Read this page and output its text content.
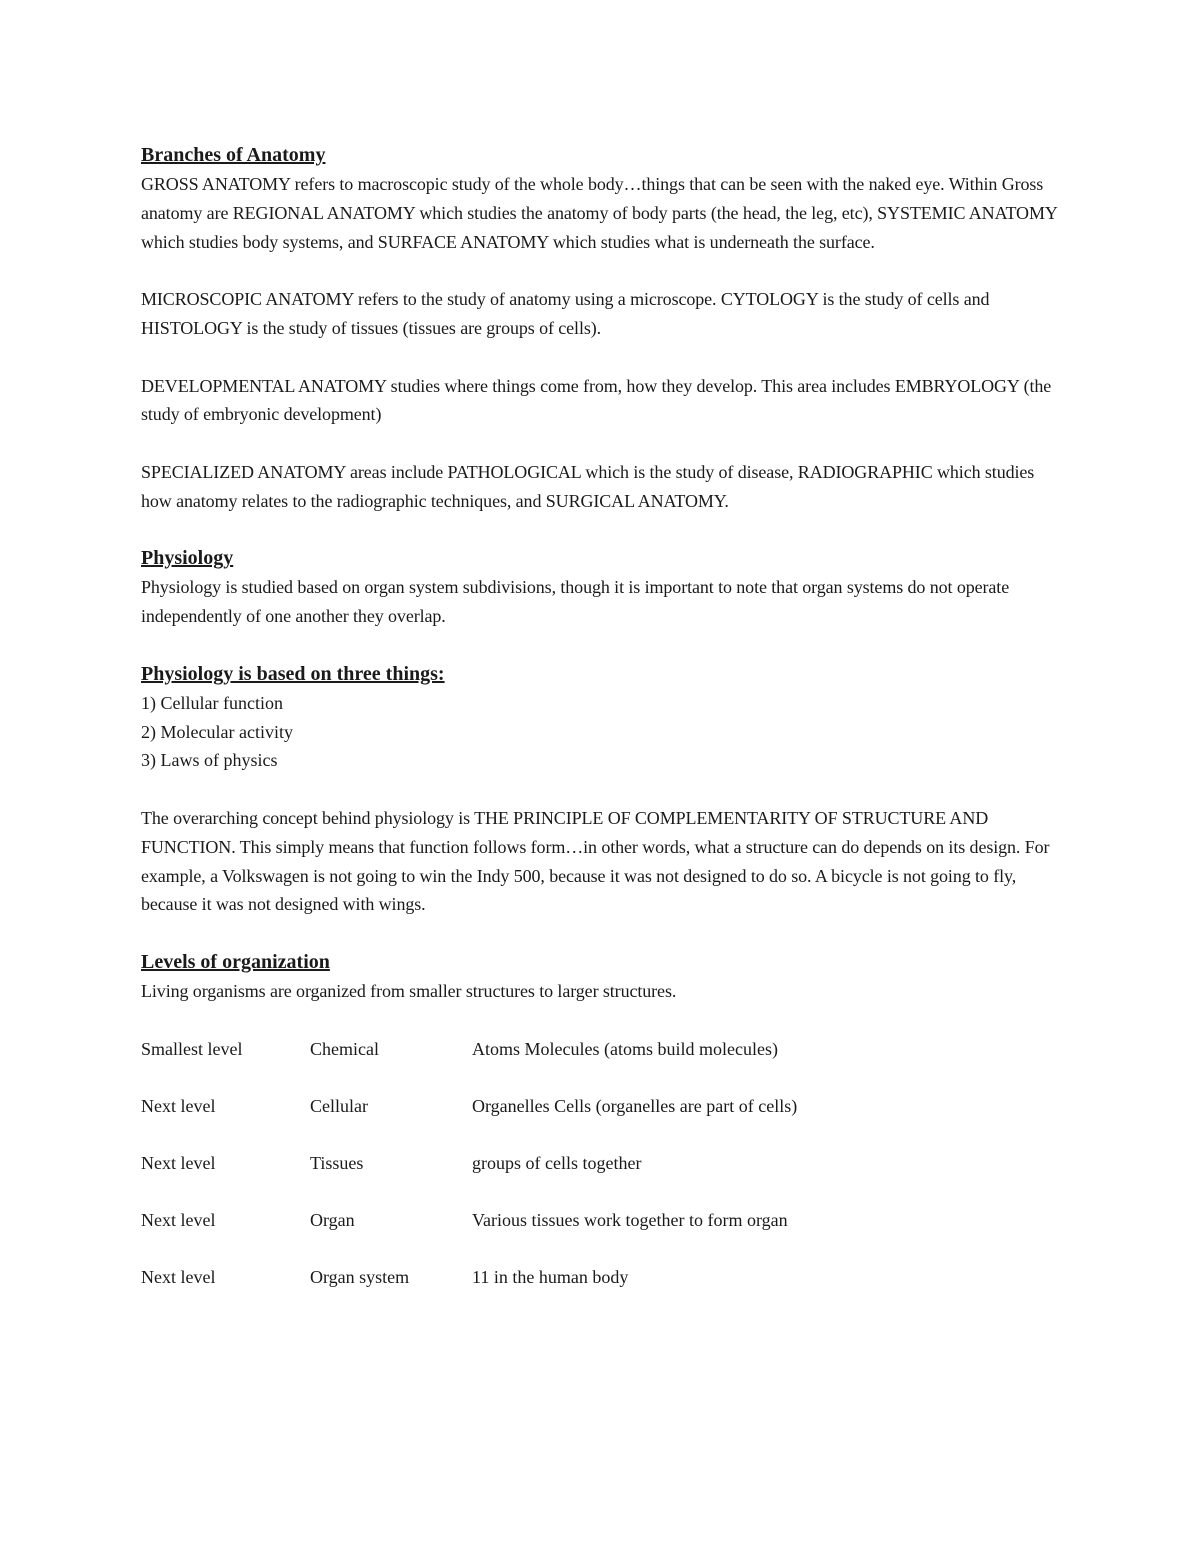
Branches of Anatomy

GROSS ANATOMY refers to macroscopic study of the whole body…things that can be seen with the naked eye. Within Gross anatomy are REGIONAL ANATOMY which studies the anatomy of body parts (the head, the leg, etc), SYSTEMIC ANATOMY which studies body systems, and SURFACE ANATOMY which studies what is underneath the surface.

MICROSCOPIC ANATOMY refers to the study of anatomy using a microscope. CYTOLOGY is the study of cells and HISTOLOGY is the study of tissues (tissues are groups of cells).

DEVELOPMENTAL ANATOMY studies where things come from, how they develop. This area includes EMBRYOLOGY (the study of embryonic development)

SPECIALIZED ANATOMY areas include PATHOLOGICAL which is the study of disease, RADIOGRAPHIC which studies how anatomy relates to the radiographic techniques, and SURGICAL ANATOMY.

Physiology

Physiology is studied based on organ system subdivisions, though it is important to note that organ systems do not operate independently of one another they overlap.

Physiology is based on three things:

1) Cellular function

2) Molecular activity

3) Laws of physics

The overarching concept behind physiology is THE PRINCIPLE OF COMPLEMENTARITY OF STRUCTURE AND FUNCTION. This simply means that function follows form…in other words, what a structure can do depends on its design. For example, a Volkswagen is not going to win the Indy 500, because it was not designed to do so. A bicycle is not going to fly, because it was not designed with wings.

Levels of organization

Living organisms are organized from smaller structures to larger structures.

Smallest level	Chemical	Atoms Molecules (atoms build molecules)
Next level	Cellular	Organelles Cells (organelles are part of cells)
Next level	Tissues	groups of cells together
Next level	Organ	Various tissues work together to form organ
Next level	Organ system	11 in the human body
